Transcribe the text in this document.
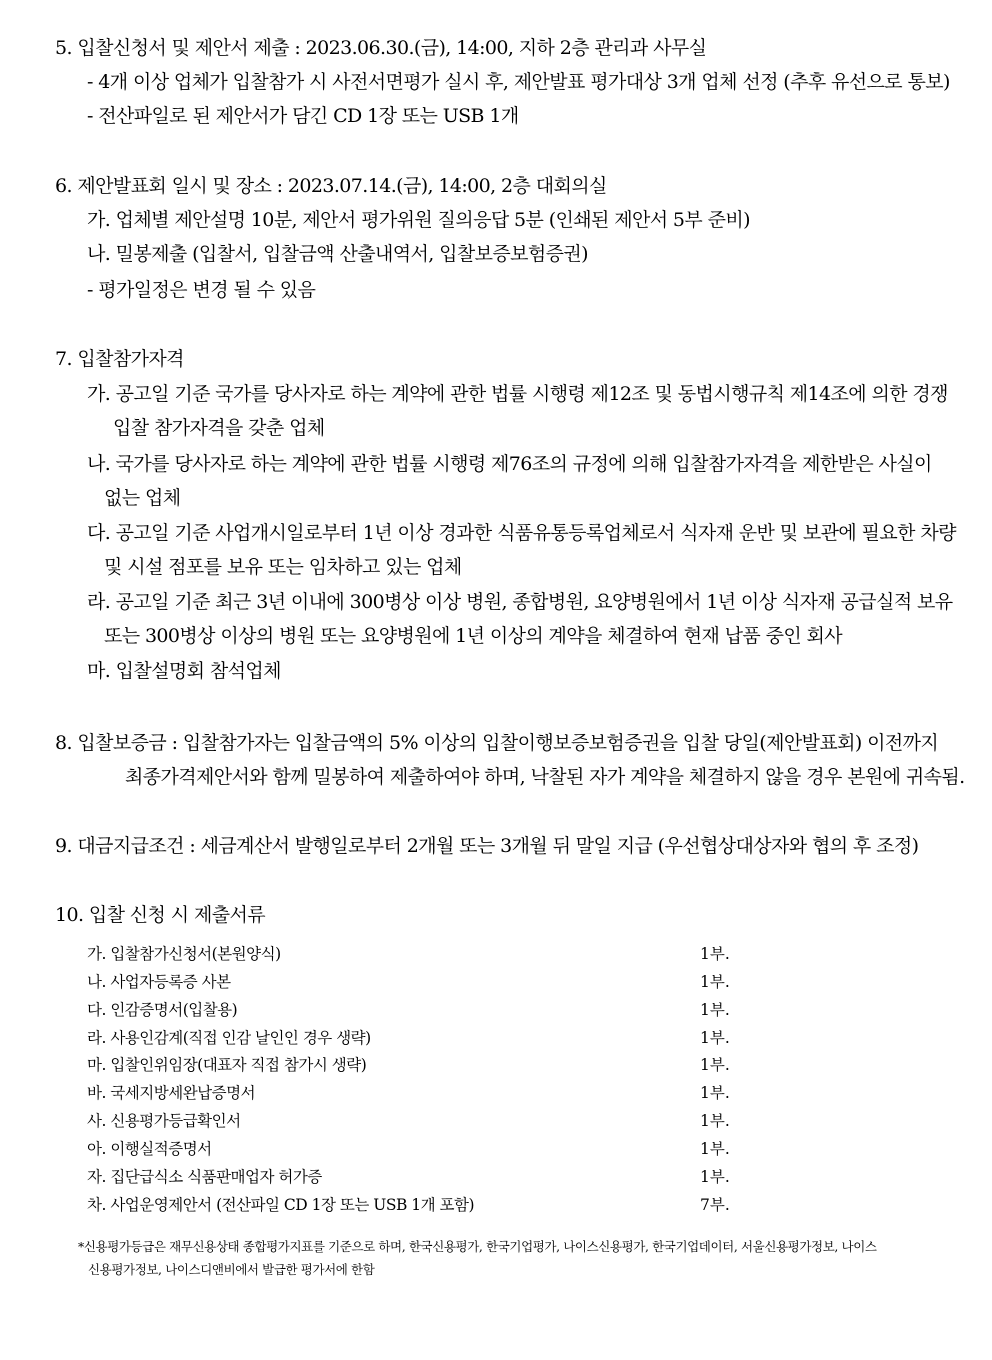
5. 입찰신청서 및 제안서 제출 : 2023.06.30.(금), 14:00, 지하 2층 관리과 사무실
- 4개 이상 업체가 입찰참가 시 사전서면평가 실시 후, 제안발표 평가대상 3개 업체 선정 (추후 유선으로 통보)
- 전산파일로 된 제안서가 담긴 CD 1장 또는 USB 1개
6. 제안발표회 일시 및 장소 : 2023.07.14.(금), 14:00, 2층 대회의실
가. 업체별 제안설명 10분, 제안서 평가위원 질의응답 5분 (인쇄된 제안서 5부 준비)
나. 밀봉제출 (입찰서, 입찰금액 산출내역서, 입찰보증보험증권)
- 평가일정은 변경 될 수 있음
7. 입찰참가자격
가. 공고일 기준 국가를 당사자로 하는 계약에 관한 법률 시행령 제12조 및 동법시행규칙 제14조에 의한 경쟁
입찰 참가자격을 갖춘 업체
나. 국가를 당사자로 하는 계약에 관한 법률 시행령 제76조의 규정에 의해 입찰참가자격을 제한받은 사실이
없는 업체
다. 공고일 기준 사업개시일로부터 1년 이상 경과한 식품유통등록업체로서 식자재 운반 및 보관에 필요한 차량
및 시설 점포를 보유 또는 임차하고 있는 업체
라. 공고일 기준 최근 3년 이내에 300병상 이상 병원, 종합병원, 요양병원에서 1년 이상 식자재 공급실적 보유
또는 300병상 이상의 병원 또는 요양병원에 1년 이상의 계약을 체결하여 현재 납품 중인 회사
마. 입찰설명회 참석업체
8. 입찰보증금 : 입찰참가자는 입찰금액의 5% 이상의 입찰이행보증보험증권을 입찰 당일(제안발표회) 이전까지
최종가격제안서와 함께 밀봉하여 제출하여야 하며, 낙찰된 자가 계약을 체결하지 않을 경우 본원에 귀속됨.
9. 대금지급조건 : 세금계산서 발행일로부터 2개월 또는 3개월 뒤 말일 지급 (우선협상대상자와 협의 후 조정)
10. 입찰 신청 시 제출서류
가. 입찰참가신청서(본원양식)	1부.
나. 사업자등록증 사본	1부.
다. 인감증명서(입찰용)	1부.
라. 사용인감계(직접 인감 날인인 경우 생략)	1부.
마. 입찰인위임장(대표자 직접 참가시 생략)	1부.
바. 국세지방세완납증명서	1부.
사. 신용평가등급확인서	1부.
아. 이행실적증명서	1부.
자. 집단급식소 식품판매업자 허가증	1부.
차. 사업운영제안서 (전산파일 CD 1장 또는 USB 1개 포함)	7부.
*신용평가등급은 재무신용상태 종합평가지표를 기준으로 하며, 한국신용평가, 한국기업평가, 나이스신용평가, 한국기업데이터, 서울신용평가정보, 나이스
신용평가정보, 나이스디앤비에서 발급한 평가서에 한함
